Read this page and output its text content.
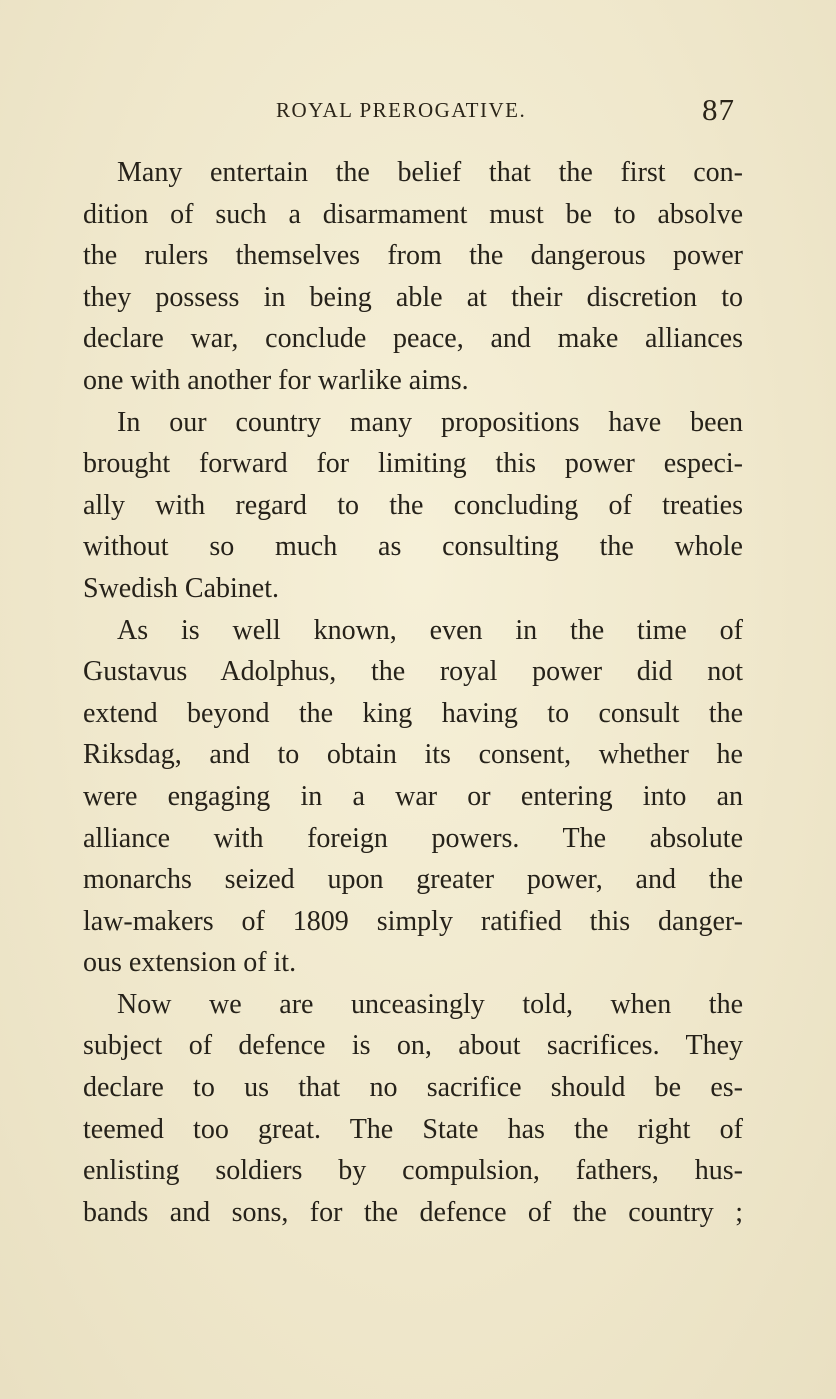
ROYAL PREROGATIVE.	87
Many entertain the belief that the first con-
dition of such a disarmament must be to absolve
the rulers themselves from the dangerous power
they possess in being able at their discretion to
declare war, conclude peace, and make alliances
one with another for warlike aims.
In our country many propositions have been
brought forward for limiting this power especi-
ally with regard to the concluding of treaties
without so much as consulting the whole
Swedish Cabinet.
As is well known, even in the time of
Gustavus Adolphus, the royal power did not
extend beyond the king having to consult the
Riksdag, and to obtain its consent, whether he
were engaging in a war or entering into an
alliance with foreign powers. The absolute
monarchs seized upon greater power, and the
law-makers of 1809 simply ratified this danger-
ous extension of it.
Now we are unceasingly told, when the
subject of defence is on, about sacrifices. They
declare to us that no sacrifice should be es-
teemed too great. The State has the right of
enlisting soldiers by compulsion, fathers, hus-
bands and sons, for the defence of the country ;
